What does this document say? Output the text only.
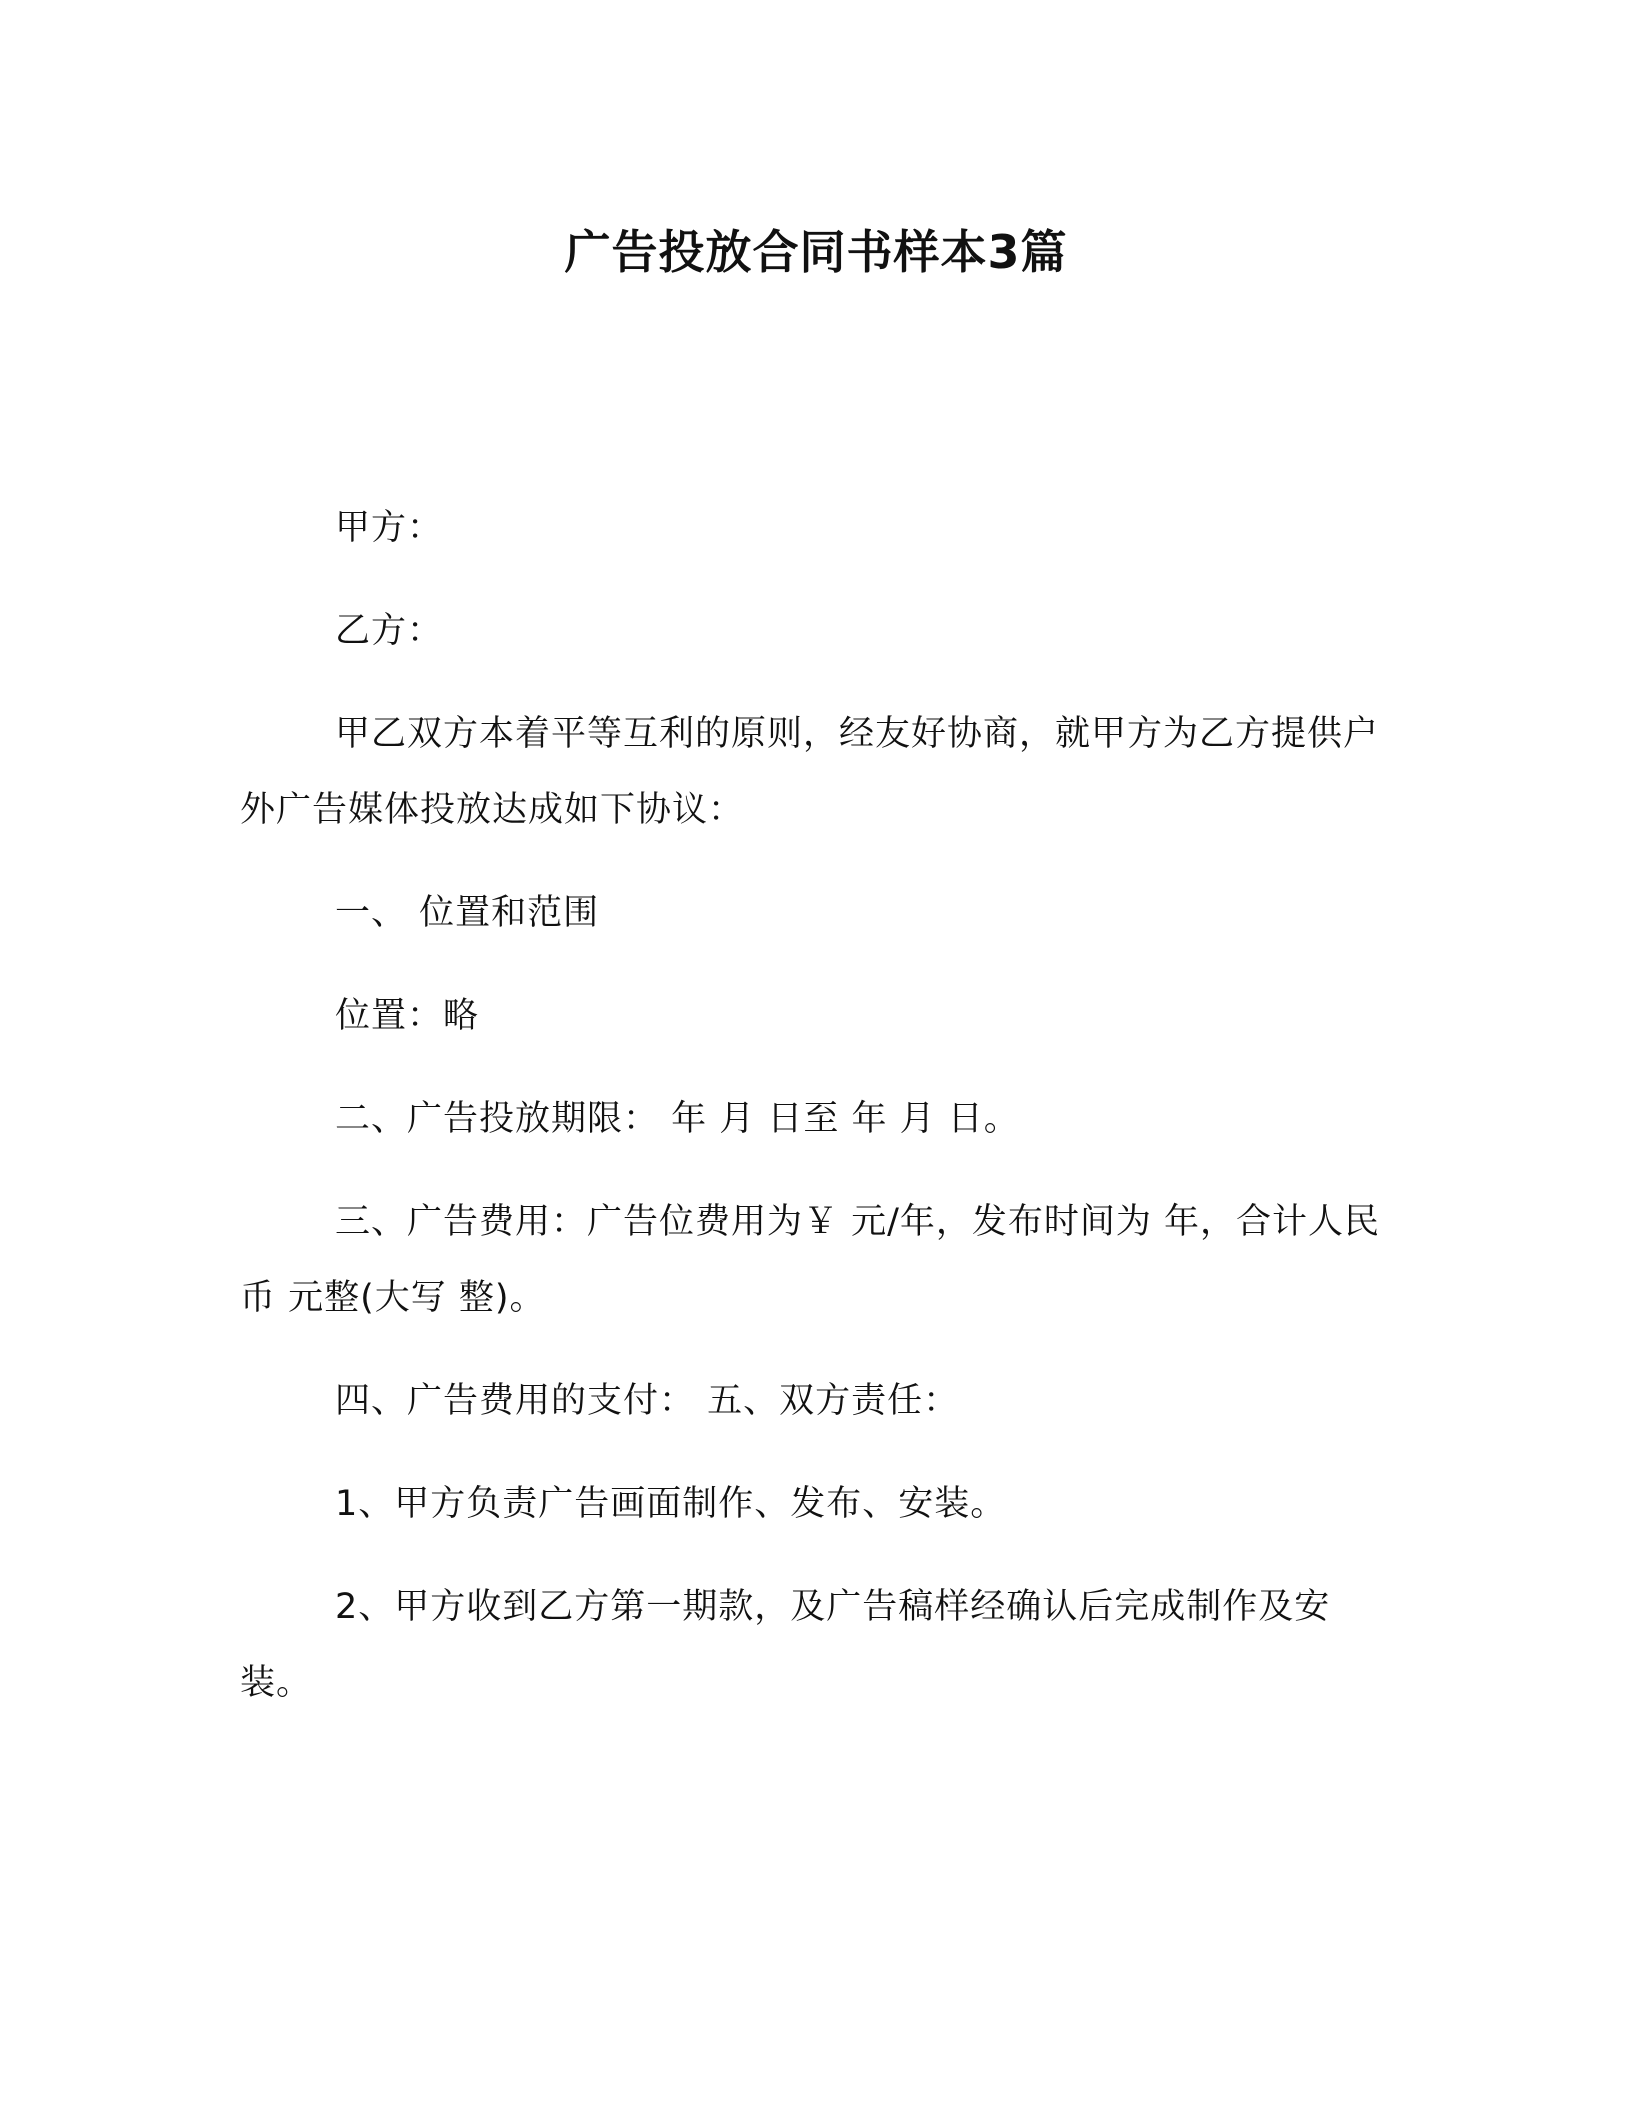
广告投放合同书样本3篇

甲方：

乙方：

甲乙双方本着平等互利的原则，经友好协商，就甲方为乙方提供户外广告媒体投放达成如下协议：

一、 位置和范围

位置：略

二、广告投放期限： 年 月 日至 年 月 日。

三、广告费用：广告位费用为￥ 元/年，发布时间为 年，合计人民币 元整(大写 整)。

四、广告费用的支付： 五、双方责任：

1、甲方负责广告画面制作、发布、安装。

2、甲方收到乙方第一期款，及广告稿样经确认后完成制作及安装。
